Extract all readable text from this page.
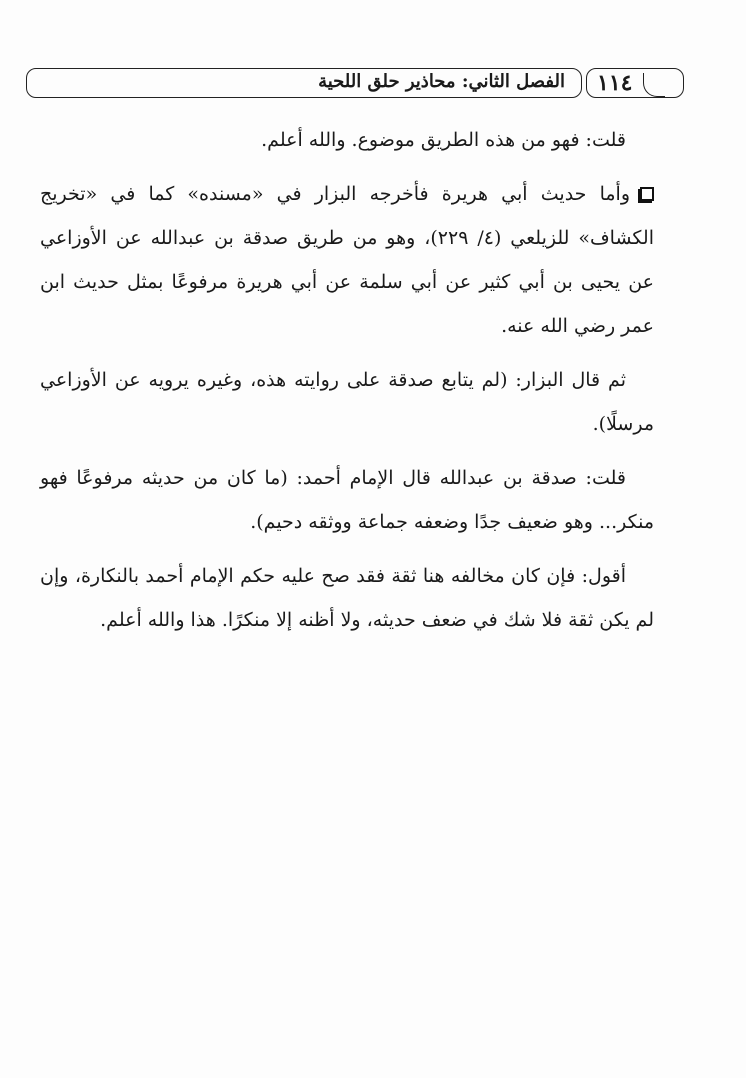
الفصل الثاني: محاذير حلق اللحية ١١٤

قلت: فهو من هذه الطريق موضوع. والله أعلم.

وأما حديث أبي هريرة فأخرجه البزار في «مسنده» كما في «تخريج الكشاف» للزيلعي (٤/ ٢٢٩)، وهو من طريق صدقة بن عبدالله عن الأوزاعي عن يحيى بن أبي كثير عن أبي سلمة عن أبي هريرة مرفوعًا بمثل حديث ابن عمر رضي الله عنه.

ثم قال البزار: (لم يتابع صدقة على روايته هذه، وغيره يرويه عن الأوزاعي مرسلًا).

قلت: صدقة بن عبدالله قال الإمام أحمد: (ما كان من حديثه مرفوعًا فهو منكر... وهو ضعيف جدًا وضعفه جماعة ووثقه دحيم).

أقول: فإن كان مخالفه هنا ثقة فقد صح عليه حكم الإمام أحمد بالنكارة، وإن لم يكن ثقة فلا شك في ضعف حديثه، ولا أظنه إلا منكرًا. هذا والله أعلم.
